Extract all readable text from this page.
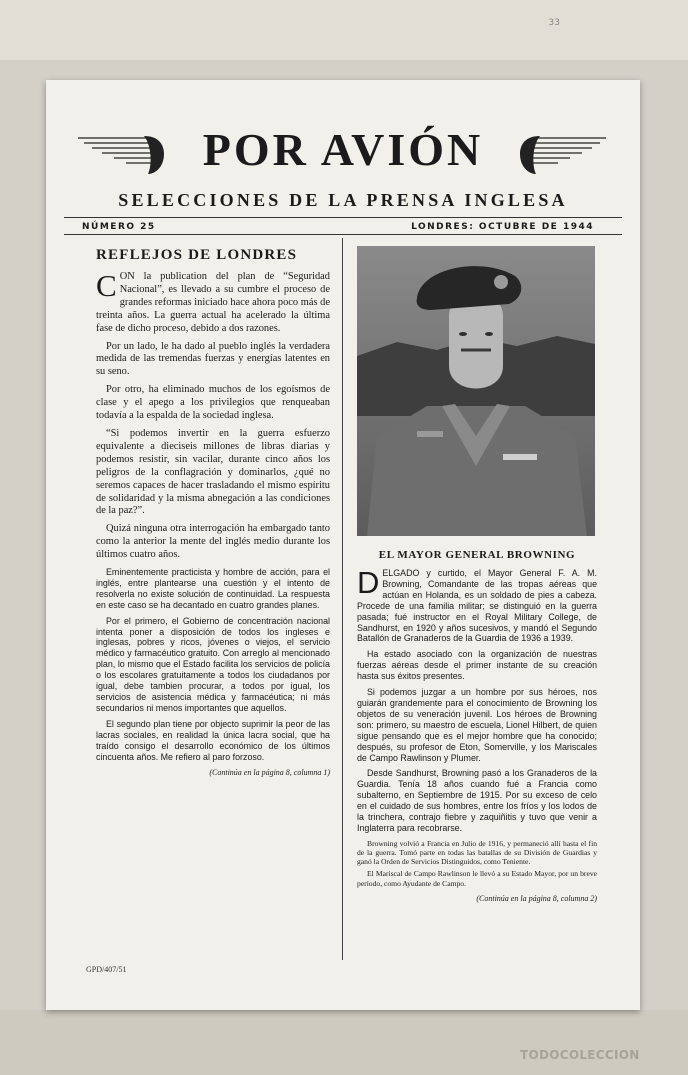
33
POR AVIÓN
SELECCIONES DE LA PRENSA INGLESA
NÚMERO 25	LONDRES: OCTUBRE DE 1944
REFLEJOS DE LONDRES
CON la publication del plan de “Seguridad Nacional”, es llevado a su cumbre el proceso de grandes reformas iniciado hace ahora poco más de treinta años. La guerra actual ha acelerado la última fase de dicho proceso, debido a dos razones.
Por un lado, le ha dado al pueblo inglés la verdadera medida de las tremendas fuerzas y energías latentes en su seno.
Por otro, ha eliminado muchos de los egoísmos de clase y el apego a los privilegios que renqueaban todavía a la espalda de la sociedad inglesa.
“Si podemos invertir en la guerra esfuerzo equivalente a dieciseis millones de libras diarias y podemos resistir, sin vacilar, durante cinco años los peligros de la conflagración y dominarlos, ¿qué no seremos capaces de hacer trasladando el mismo espíritu de solidaridad y la misma abnegación a las condiciones de la paz?”.
Quizá ninguna otra interrogación ha embargado tanto como la anterior la mente del inglés medio durante los últimos cuatro años.
Eminentemente practicista y hombre de acción, para el inglés, entre plantearse una cuestión y el intento de resolverla no existe solución de continuidad. La respuesta en este caso se ha decantado en cuatro grandes planes.
Por el primero, el Gobierno de concentración nacional intenta poner a disposición de todos los ingleses e inglesas, pobres y ricos, jóvenes o viejos, el servicio médico y farmacéutico gratuito. Con arreglo al mencionado plan, lo mismo que el Estado facilita los servicios de policía o los escolares gratuitamente a todos los ciudadanos por igual, debe tambien procurar, a todos por igual, los servicios de asistencia médica y farmacéutica; ni más secundarios ni menos importantes que aquellos.
El segundo plan tiene por objecto suprimir la peor de las lacras sociales, en realidad la única lacra social, que ha traído consigo el desarrollo económico de los últimos cincuenta años. Me refiero al paro forzoso.
(Continúa en la página 8, columna 1)
GPD/407/51
EL MAYOR GENERAL BROWNING
DELGADO y curtido, el Mayor General F. A. M. Browning, Comandante de las tropas aéreas que actúan en Holanda, es un soldado de pies a cabeza. Procede de una familia militar; se distinguió en la guerra pasada; fué instructor en el Royal Military College, de Sandhurst, en 1920 y años sucesivos, y mandó el Segundo Batallón de Granaderos de la Guardia de 1936 a 1939.
Ha estado asociado con la organización de nuestras fuerzas aéreas desde el primer instante de su creación hasta sus éxitos presentes.
Si podemos juzgar a un hombre por sus héroes, nos guiarán grandemente para el conocimiento de Browning los objetos de su veneración juvenil. Los héroes de Browning son: primero, su maestro de escuela, Lionel Hilbert, de quien sigue pensando que es el mejor hombre que ha conocido; después, su profesor de Eton, Somerville, y los Mariscales de Campo Rawlinson y Plumer.
Desde Sandhurst, Browning pasó a los Granaderos de la Guardia. Tenía 18 años cuando fué a Francia como subalterno, en Septiembre de 1915. Por su exceso de celo en el cuidado de sus hombres, entre los fríos y los lodos de la trinchera, contrajo fiebre y zaquiñitis y tuvo que venir a Inglaterra para recobrarse.
Browning volvió a Francia en Julio de 1916, y permaneció allí hasta el fin de la guerra. Tomó parte en todas las batallas de su División de Guardias y ganó la Orden de Servicios Distinguidos, como Teniente.
El Mariscal de Campo Rawlinson le llevó a su Estado Mayor, por un breve período, como Ayudante de Campo.
(Continúa en la página 8, columna 2)
TODOCOLECCION
